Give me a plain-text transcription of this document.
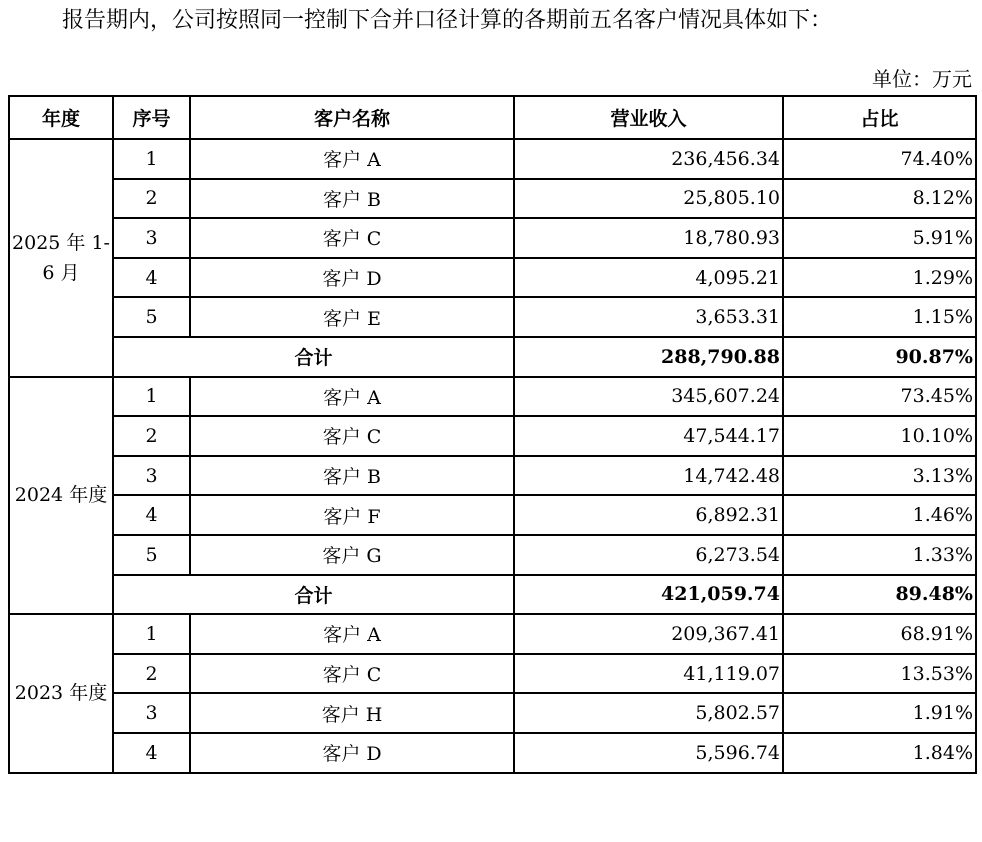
报告期内，公司按照同一控制下合并口径计算的各期前五名客户情况具体如下：
单位：万元
年度	序号	客户名称	营业收入	占比
2025 年 1-6 月	1	客户 A	236,456.34	74.40%
	2	客户 B	25,805.10	8.12%
	3	客户 C	18,780.93	5.91%
	4	客户 D	4,095.21	1.29%
	5	客户 E	3,653.31	1.15%
	合计		288,790.88	90.87%
2024 年度	1	客户 A	345,607.24	73.45%
	2	客户 C	47,544.17	10.10%
	3	客户 B	14,742.48	3.13%
	4	客户 F	6,892.31	1.46%
	5	客户 G	6,273.54	1.33%
	合计		421,059.74	89.48%
2023 年度	1	客户 A	209,367.41	68.91%
	2	客户 C	41,119.07	13.53%
	3	客户 H	5,802.57	1.91%
	4	客户 D	5,596.74	1.84%
